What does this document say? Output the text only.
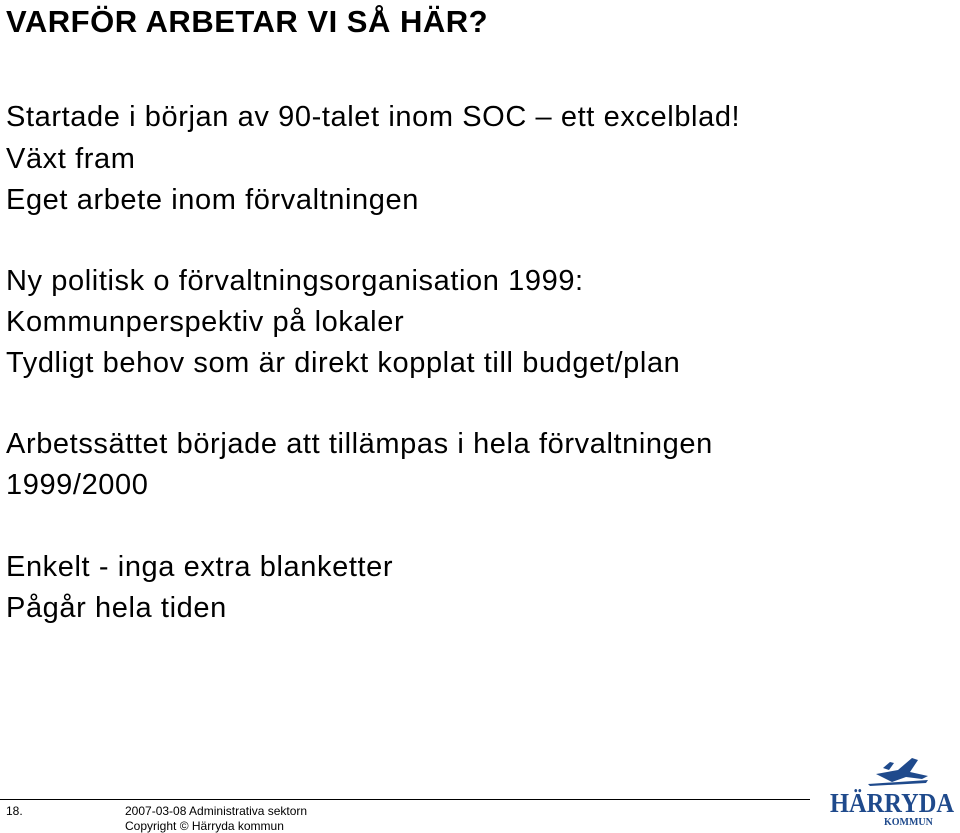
VARFÖR ARBETAR VI SÅ HÄR?
Startade i början av 90-talet inom SOC – ett excelblad!
Växt fram
Eget arbete inom förvaltningen
Ny politisk o förvaltningsorganisation 1999:
Kommunperspektiv på lokaler
Tydligt behov som är direkt kopplat till budget/plan
Arbetssättet började att tillämpas i hela förvaltningen
1999/2000
Enkelt - inga extra blanketter
Pågår hela tiden
18.	2007-03-08 Administrativa sektorn
Copyright © Härryda kommun
HÄRRYDA
KOMMUN
